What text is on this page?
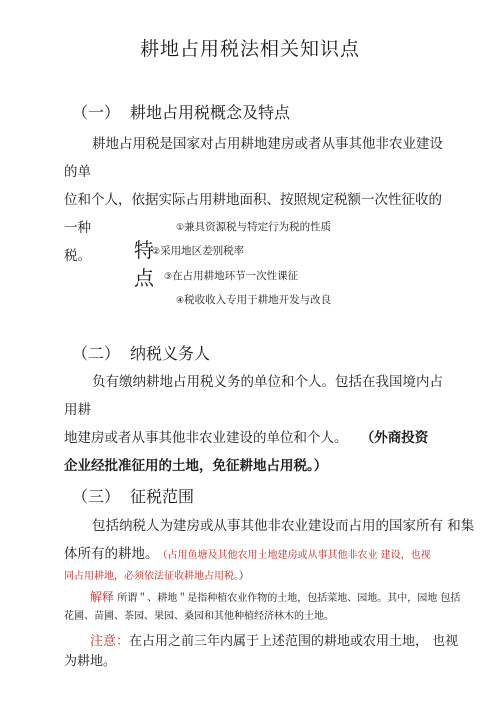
耕地占用税法相关知识点
（一） 耕地占用税概念及特点
耕地占用税是国家对占用耕地建房或者从事其他非农业建设的单
位和个人，依据实际占用耕地面积、按照规定税额一次性征收的一种
税。	特
点
①兼具资源税与特定行为税的性质
②采用地区差别税率
③在占用耕地环节一次性课征
④税收收入专用于耕地开发与改良
（二） 纳税义务人
负有缴纳耕地占用税义务的单位和个人。包括在我国境内占 用耕
地建房或者从事其他非农业建设的单位和个人。 （外商投资
企业经批准征用的土地，免征耕地占用税。）
（三） 征税范围
包括纳税人为建房或从事其他非农业建设而占用的国家所有 和集
体所有的耕地。 （占用鱼塘及其他农用土地建房或从事其他非农业 建设，也视
同占用耕地，必须依法征收耕地占用税。）
解释 所谓＂、耕地＂是指种植农业作物的土地，包括菜地、园地。其中，园地 包括
花圃、苗圃、茶园、果园、桑园和其他种植经济林木的土地。
注意：在占用之前三年内属于上述范围的耕地或农用土地， 也视
为耕地。
